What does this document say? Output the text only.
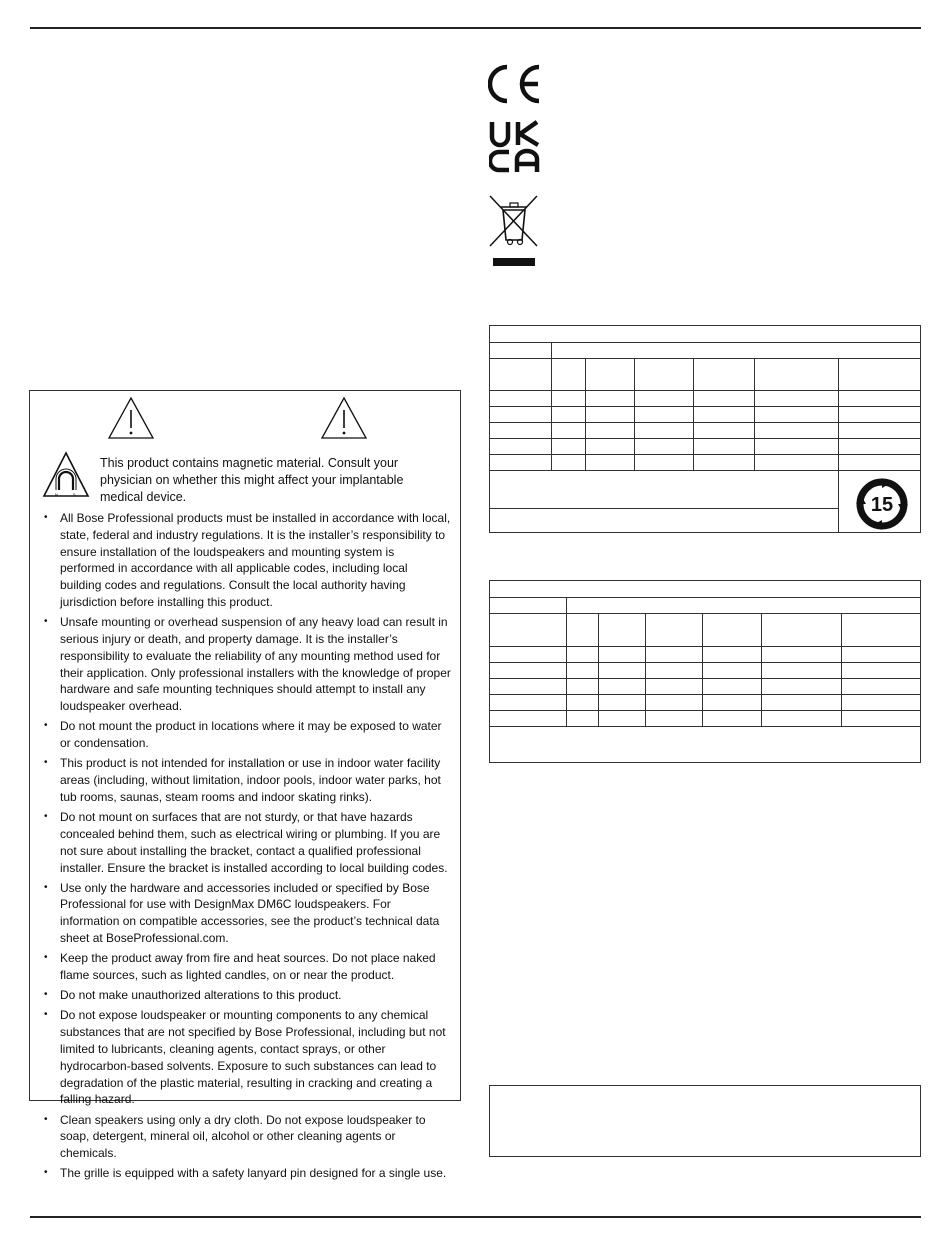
N	S
This product contains magnetic material. Consult your physician on whether this might affect your implantable medical device.
• All Bose Professional products must be installed in accordance with local, state, federal and industry regulations. It is the installer’s responsibility to ensure installation of the loudspeakers and mounting system is performed in accordance with all applicable codes, including local building codes and regulations. Consult the local authority having jurisdiction before installing this product.
• Unsafe mounting or overhead suspension of any heavy load can result in serious injury or death, and property damage. It is the installer’s responsibility to evaluate the reliability of any mounting method used for their application. Only professional installers with the knowledge of proper hardware and safe mounting techniques should attempt to install any loudspeaker overhead.
• Do not mount the product in locations where it may be exposed to water or condensation.
• This product is not intended for installation or use in indoor water facility areas (including, without limitation, indoor pools, indoor water parks, hot tub rooms, saunas, steam rooms and indoor skating rinks).
• Do not mount on surfaces that are not sturdy, or that have hazards concealed behind them, such as electrical wiring or plumbing. If you are not sure about installing the bracket, contact a qualified professional installer. Ensure the bracket is installed according to local building codes.
• Use only the hardware and accessories included or specified by Bose Professional for use with DesignMax DM6C loudspeakers. For information on compatible accessories, see the product’s technical data sheet at BoseProfessional.com.
• Keep the product away from fire and heat sources. Do not place naked flame sources, such as lighted candles, on or near the product.
• Do not make unauthorized alterations to this product.
• Do not expose loudspeaker or mounting components to any chemical substances that are not specified by Bose Professional, including but not limited to lubricants, cleaning agents, contact sprays, or other hydrocarbon-based solvents. Exposure to such substances can lead to degradation of the plastic material, resulting in cracking and creating a falling hazard.
• Clean speakers using only a dry cloth. Do not expose loudspeaker to soap, detergent, mineral oil, alcohol or other cleaning agents or chemicals.
• The grille is equipped with a safety lanyard pin designed for a single use.
15
